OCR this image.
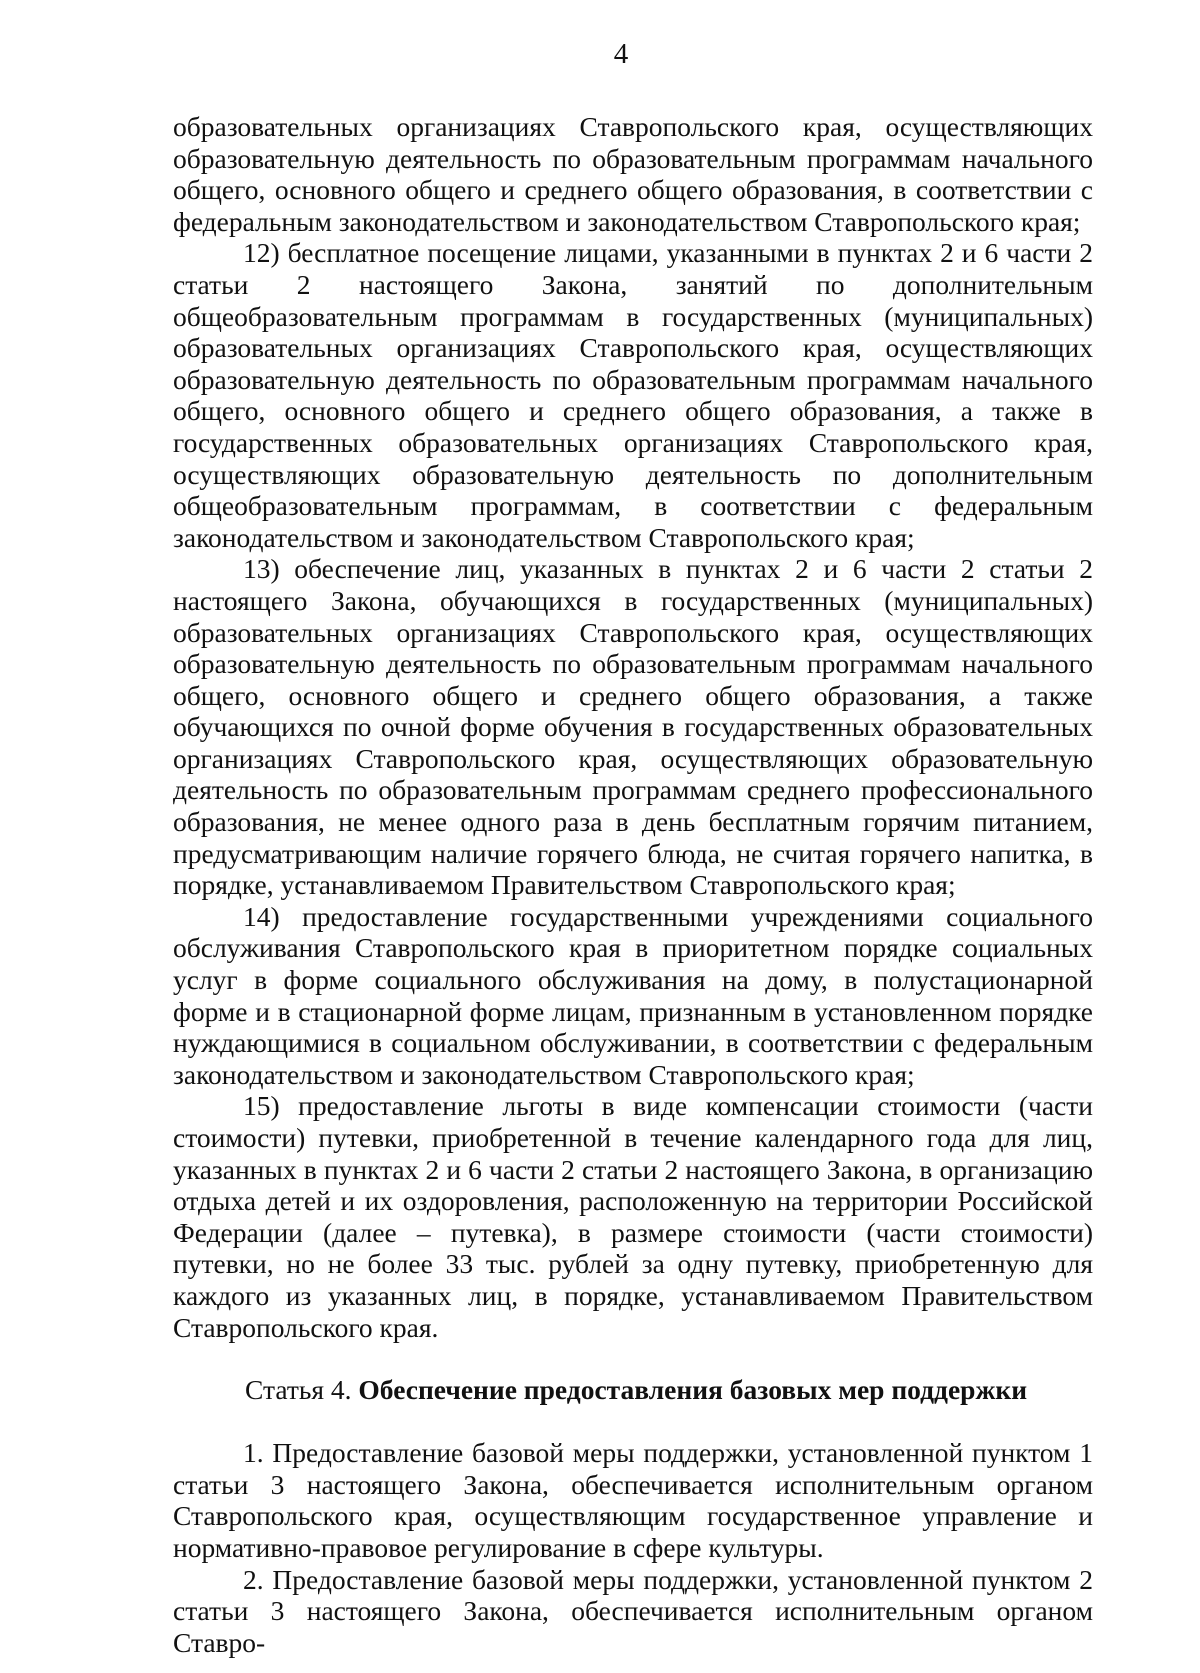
4

образовательных организациях Ставропольского края, осуществляющих образовательную деятельность по образовательным программам начального общего, основного общего и среднего общего образования, в соответствии с федеральным законодательством и законодательством Ставропольского края;

12) бесплатное посещение лицами, указанными в пунктах 2 и 6 части 2 статьи 2 настоящего Закона, занятий по дополнительным общеобразовательным программам в государственных (муниципальных) образовательных организациях Ставропольского края, осуществляющих образовательную деятельность по образовательным программам начального общего, основного общего и среднего общего образования, а также в государственных образовательных организациях Ставропольского края, осуществляющих образовательную деятельность по дополнительным общеобразовательным программам, в соответствии с федеральным законодательством и законодательством Ставропольского края;

13) обеспечение лиц, указанных в пунктах 2 и 6 части 2 статьи 2 настоящего Закона, обучающихся в государственных (муниципальных) образовательных организациях Ставропольского края, осуществляющих образовательную деятельность по образовательным программам начального общего, основного общего и среднего общего образования, а также обучающихся по очной форме обучения в государственных образовательных организациях Ставропольского края, осуществляющих образовательную деятельность по образовательным программам среднего профессионального образования, не менее одного раза в день бесплатным горячим питанием, предусматривающим наличие горячего блюда, не считая горячего напитка, в порядке, устанавливаемом Правительством Ставропольского края;

14) предоставление государственными учреждениями социального обслуживания Ставропольского края в приоритетном порядке социальных услуг в форме социального обслуживания на дому, в полустационарной форме и в стационарной форме лицам, признанным в установленном порядке нуждающимися в социальном обслуживании, в соответствии с федеральным законодательством и законодательством Ставропольского края;

15) предоставление льготы в виде компенсации стоимости (части стоимости) путевки, приобретенной в течение календарного года для лиц, указанных в пунктах 2 и 6 части 2 статьи 2 настоящего Закона, в организацию отдыха детей и их оздоровления, расположенную на территории Российской Федерации (далее – путевка), в размере стоимости (части стоимости) путевки, но не более 33 тыс. рублей за одну путевку, приобретенную для каждого из указанных лиц, в порядке, устанавливаемом Правительством Ставропольского края.

Статья 4. Обеспечение предоставления базовых мер поддержки

1. Предоставление базовой меры поддержки, установленной пунктом 1 статьи 3 настоящего Закона, обеспечивается исполнительным органом Ставропольского края, осуществляющим государственное управление и нормативно-правовое регулирование в сфере культуры.

2. Предоставление базовой меры поддержки, установленной пунктом 2 статьи 3 настоящего Закона, обеспечивается исполнительным органом Ставро-
